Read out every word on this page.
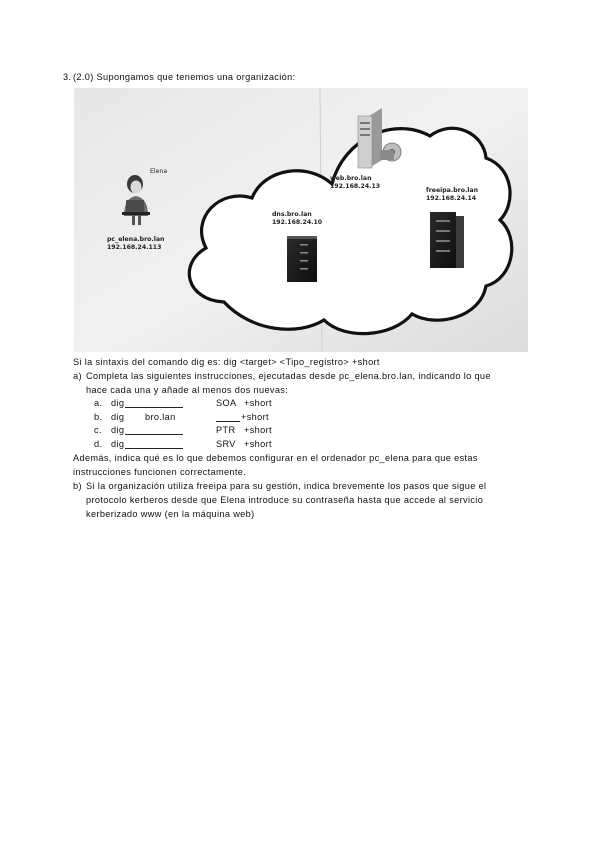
3. (2.0) Supongamos que tenemos una organización:
Elena
pc_elena.bro.lan
192.168.24.113
web.bro.lan
192.168.24.13
dns.bro.lan
192.168.24.10
freeipa.bro.lan
192.168.24.14
Si la sintaxis del comando dig es: dig <target> <Tipo_registro> +short
a) Completa las siguientes instrucciones, ejecutadas desde pc_elena.bro.lan, indicando lo que
hace cada una y añade al menos dos nuevas:
a. dig	SOA +short
b. dig bro.lan	+short
c. dig	PTR +short
d. dig	SRV +short
Además, indica qué es lo que debemos configurar en el ordenador pc_elena para que estas
instrucciones funcionen correctamente.
b) Si la organización utiliza freeipa para su gestión, indica brevemente los pasos que sigue el
protocolo kerberos desde que Elena introduce su contraseña hasta que accede al servicio
kerberizado www (en la máquina web)
